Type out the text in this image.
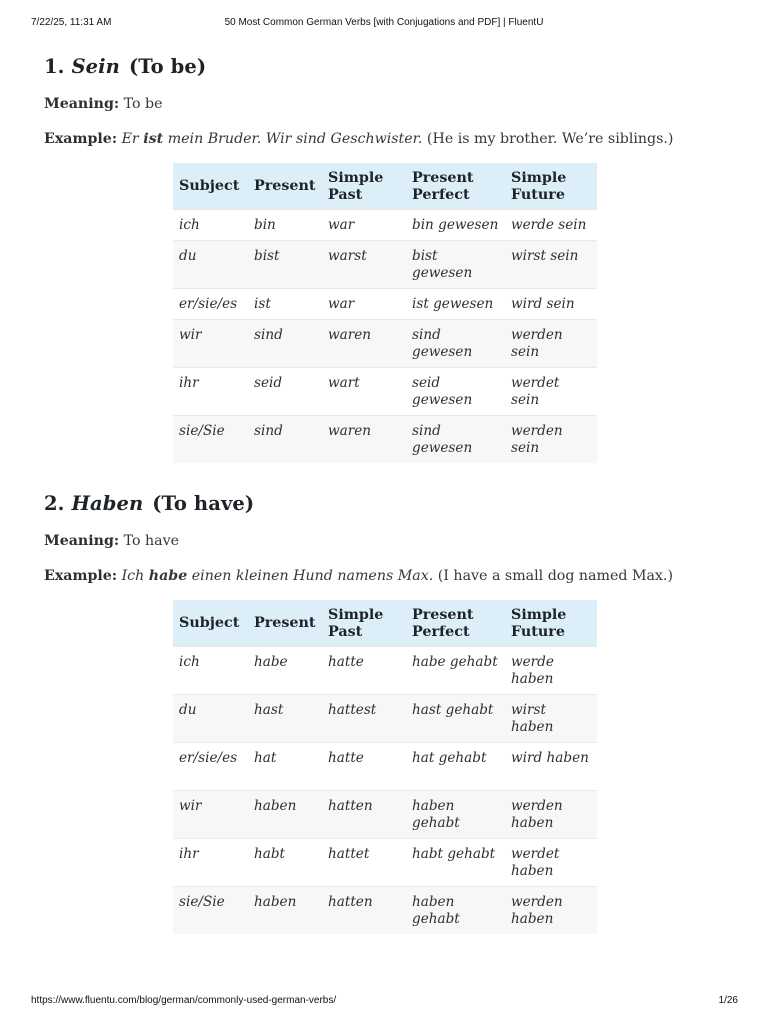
7/22/25, 11:31 AM	50 Most Common German Verbs [with Conjugations and PDF] | FluentU
1. Sein (To be)

Meaning: To be

Example: Er ist mein Bruder. Wir sind Geschwister. (He is my brother. We’re siblings.)

Subject	Present	Simple Past	Present Perfect	Simple Future
ich	bin	war	bin gewesen	werde sein
du	bist	warst	bist gewesen	wirst sein
er/sie/es	ist	war	ist gewesen	wird sein
wir	sind	waren	sind gewesen	werden sein
ihr	seid	wart	seid gewesen	werdet sein
sie/Sie	sind	waren	sind gewesen	werden sein
2. Haben (To have)

Meaning: To have

Example: Ich habe einen kleinen Hund namens Max. (I have a small dog named Max.)

Subject	Present	Simple Past	Present Perfect	Simple Future
ich	habe	hatte	habe gehabt	werde haben
du	hast	hattest	hast gehabt	wirst haben
er/sie/es	hat	hatte	hat gehabt	wird haben
wir	haben	hatten	haben gehabt	werden haben
ihr	habt	hattet	habt gehabt	werdet haben
sie/Sie	haben	hatten	haben gehabt	werden haben
https://www.fluentu.com/blog/german/commonly-used-german-verbs/	1/26
